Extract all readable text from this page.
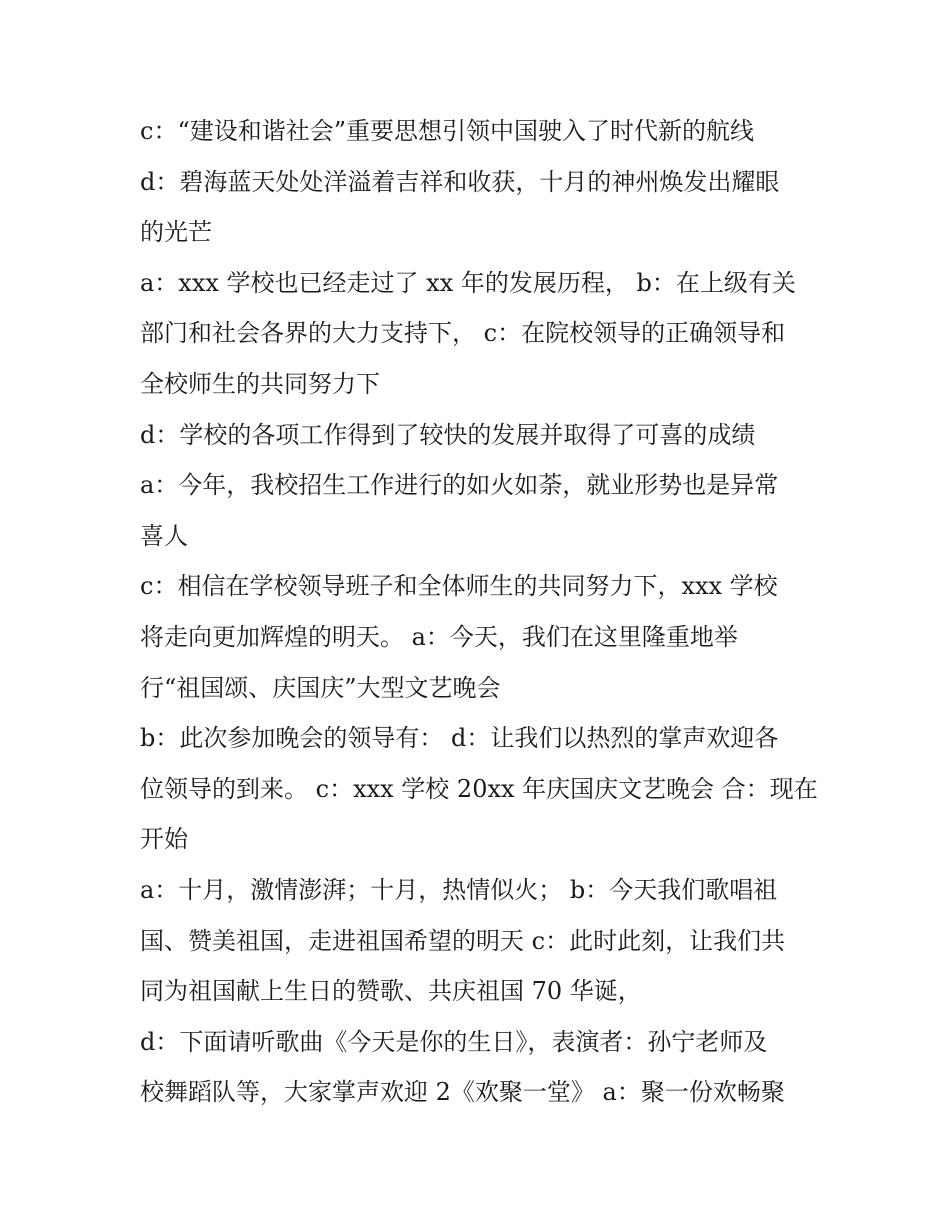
c：“建设和谐社会”重要思想引领中国驶入了时代新的航线
d：碧海蓝天处处洋溢着吉祥和收获，十月的神州焕发出耀眼
的光芒
a：xxx 学校也已经走过了 xx 年的发展历程， b：在上级有关
部门和社会各界的大力支持下， c：在院校领导的正确领导和
全校师生的共同努力下
d：学校的各项工作得到了较快的发展并取得了可喜的成绩
a：今年，我校招生工作进行的如火如荼，就业形势也是异常
喜人
c：相信在学校领导班子和全体师生的共同努力下，xxx 学校
将走向更加辉煌的明天。 a：今天，我们在这里隆重地举
行“祖国颂、庆国庆”大型文艺晚会
b：此次参加晚会的领导有： d：让我们以热烈的掌声欢迎各
位领导的到来。 c：xxx 学校 20xx 年庆国庆文艺晚会 合：现在
开始
a：十月，激情澎湃；十月，热情似火； b：今天我们歌唱祖
国、赞美祖国，走进祖国希望的明天 c：此时此刻，让我们共
同为祖国献上生日的赞歌、共庆祖国 70 华诞，
d：下面请听歌曲《今天是你的生日》，表演者：孙宁老师及
校舞蹈队等，大家掌声欢迎 2《欢聚一堂》 a：聚一份欢畅聚
